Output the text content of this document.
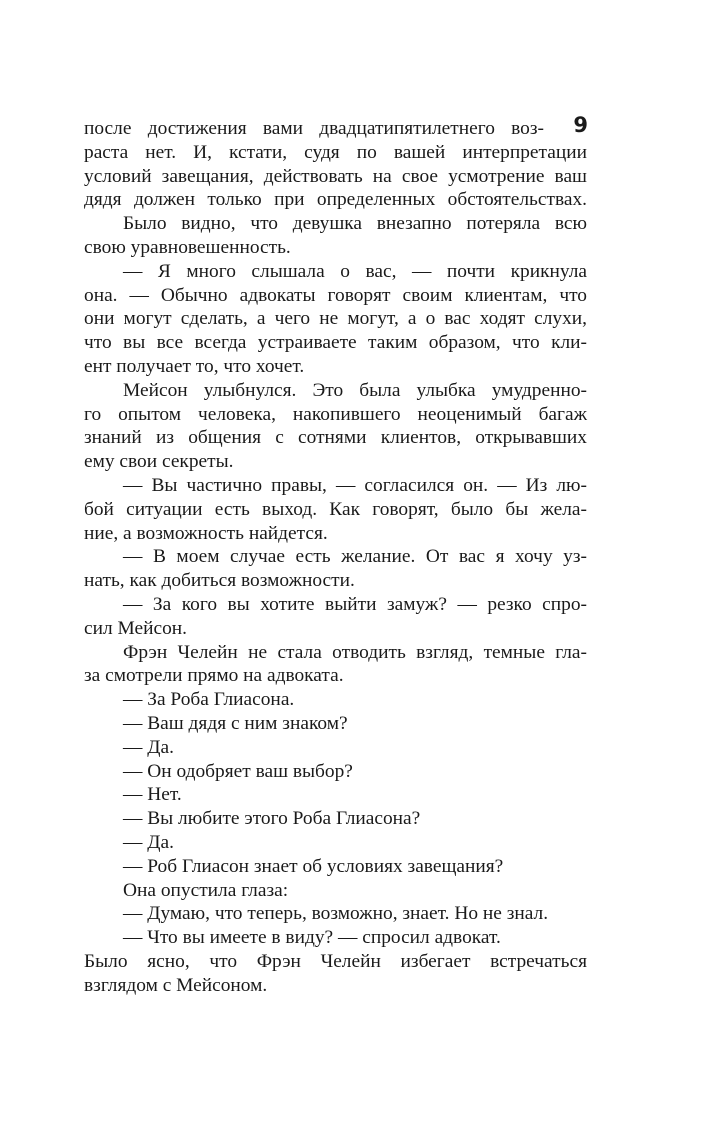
9
после достижения вами двадцатипятилетнего воз-
раста нет. И, кстати, судя по вашей интерпретации
условий завещания, действовать на свое усмотрение ваш
дядя должен только при определенных обстоятельствах.
Было видно, что девушка внезапно потеряла всю
свою уравновешенность.
— Я много слышала о вас, — почти крикнула
она. — Обычно адвокаты говорят своим клиентам, что
они могут сделать, а чего не могут, а о вас ходят слухи,
что вы все всегда устраиваете таким образом, что кли-
ент получает то, что хочет.
Мейсон улыбнулся. Это была улыбка умудренно-
го опытом человека, накопившего неоценимый багаж
знаний из общения с сотнями клиентов, открывавших
ему свои секреты.
— Вы частично правы, — согласился он. — Из лю-
бой ситуации есть выход. Как говорят, было бы жела-
ние, а возможность найдется.
— В моем случае есть желание. От вас я хочу уз-
нать, как добиться возможности.
— За кого вы хотите выйти замуж? — резко спро-
сил Мейсон.
Фрэн Челейн не стала отводить взгляд, темные гла-
за смотрели прямо на адвоката.
— За Роба Глиасона.
— Ваш дядя с ним знаком?
— Да.
— Он одобряет ваш выбор?
— Нет.
— Вы любите этого Роба Глиасона?
— Да.
— Роб Глиасон знает об условиях завещания?
Она опустила глаза:
— Думаю, что теперь, возможно, знает. Но не знал.
— Что вы имеете в виду? — спросил адвокат.
Было ясно, что Фрэн Челейн избегает встречаться
взглядом с Мейсоном.
